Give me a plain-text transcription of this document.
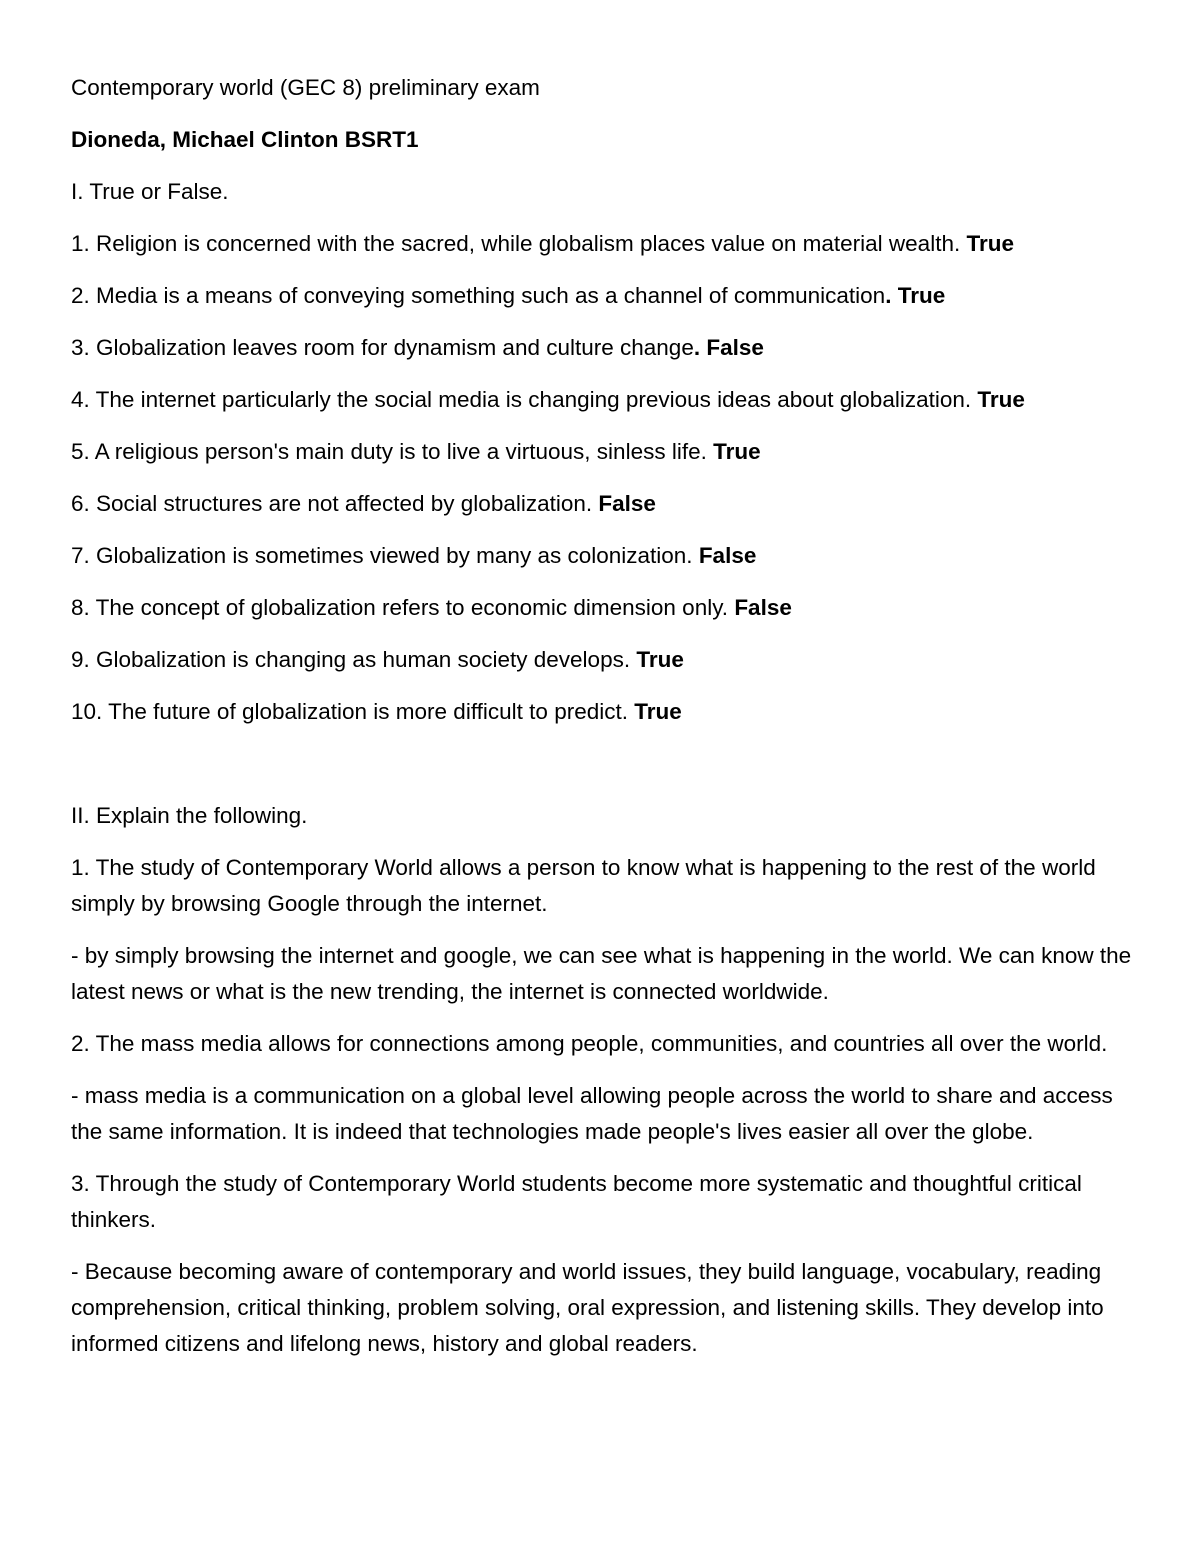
Contemporary world (GEC 8) preliminary exam

Dioneda, Michael Clinton BSRT1

I. True or False.

1. Religion is concerned with the sacred, while globalism places value on material wealth. True

2. Media is a means of conveying something such as a channel of communication. True

3. Globalization leaves room for dynamism and culture change. False

4. The internet particularly the social media is changing previous ideas about globalization. True

5. A religious person's main duty is to live a virtuous, sinless life. True

6. Social structures are not affected by globalization. False

7. Globalization is sometimes viewed by many as colonization. False

8. The concept of globalization refers to economic dimension only. False

9. Globalization is changing as human society develops. True

10. The future of globalization is more difficult to predict. True

II. Explain the following.

1. The study of Contemporary World allows a person to know what is happening to the rest of the world simply by browsing Google through the internet.

- by simply browsing the internet and google, we can see what is happening in the world. We can know the latest news or what is the new trending, the internet is connected worldwide.

2. The mass media allows for connections among people, communities, and countries all over the world.

- mass media is a communication on a global level allowing people across the world to share and access the same information. It is indeed that technologies made people's lives easier all over the globe.

3. Through the study of Contemporary World students become more systematic and thoughtful critical thinkers.

- Because becoming aware of contemporary and world issues, they build language, vocabulary, reading comprehension, critical thinking, problem solving, oral expression, and listening skills. They develop into informed citizens and lifelong news, history and global readers.
